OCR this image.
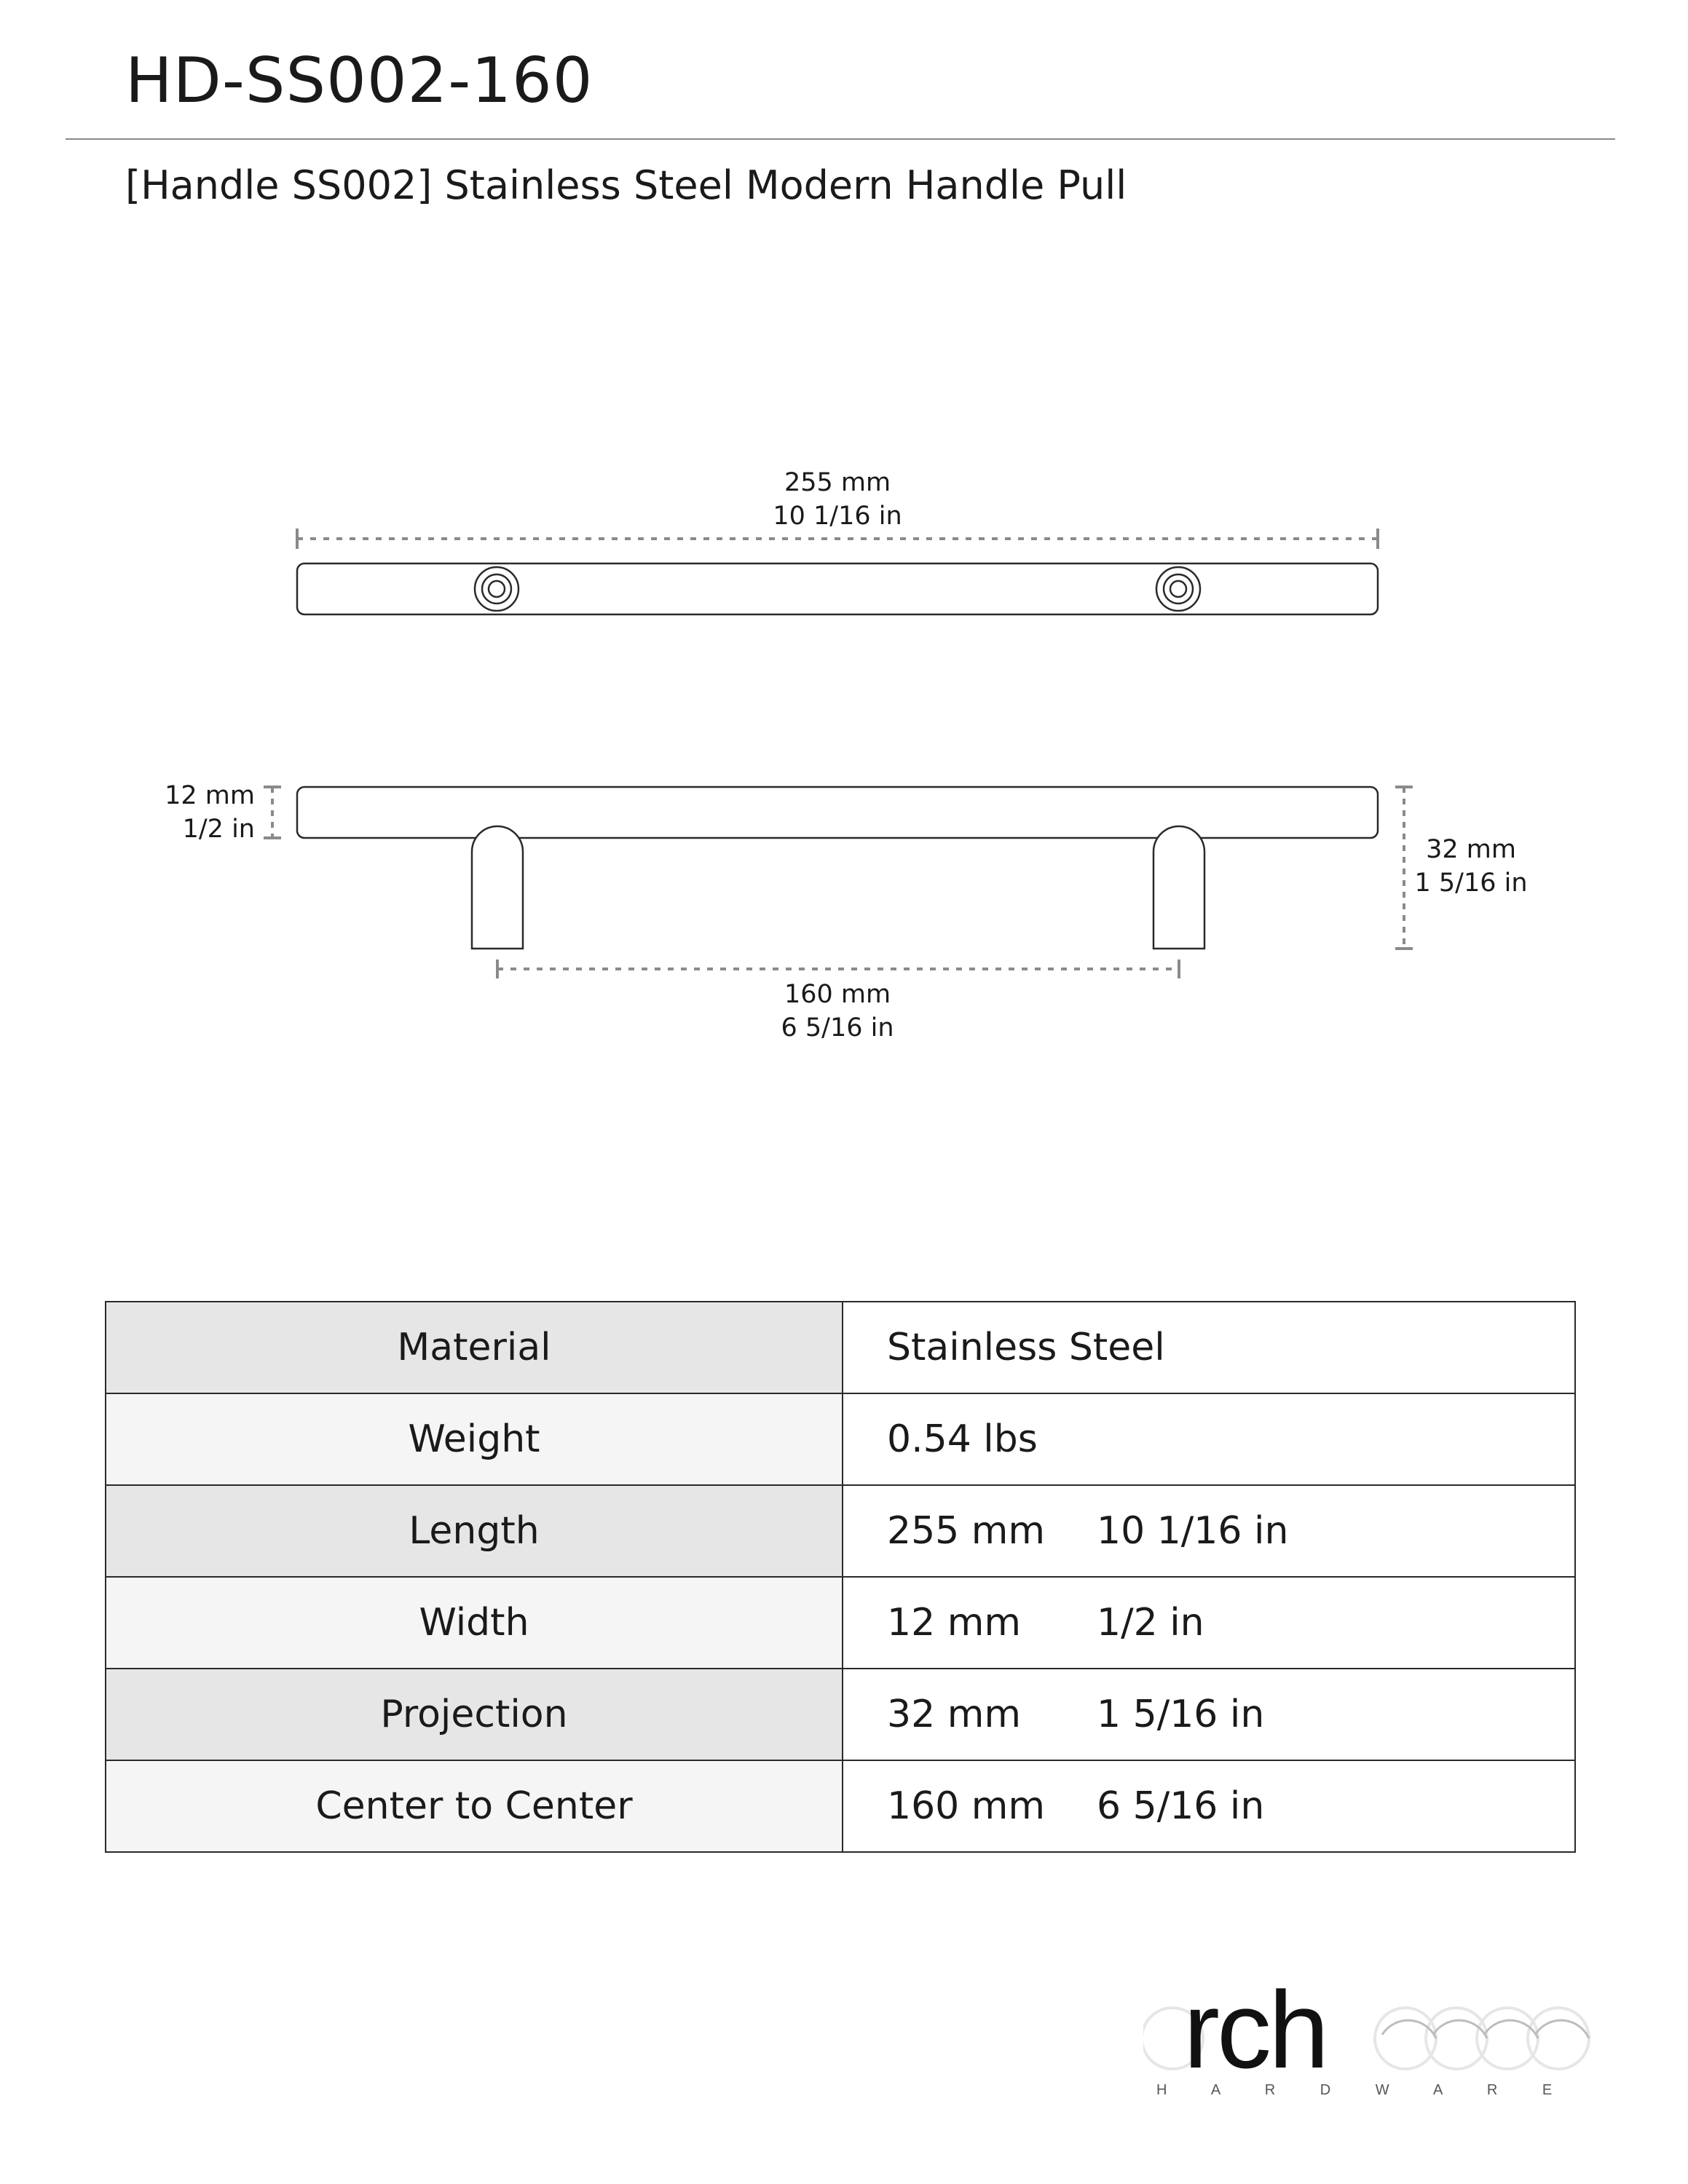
HD-SS002-160
[Handle SS002] Stainless Steel Modern Handle Pull
255 mm
10 1/16 in
12 mm
1/2 in
32 mm
1 5/16 in
160 mm
6 5/16 in
Material	Stainless Steel
Weight	0.54 lbs
Length	255 mm 10 1/16 in
Width	12 mm 1/2 in
Projection	32 mm 1 5/16 in
Center to Center	160 mm 6 5/16 in
rch
H A R D W A R E
